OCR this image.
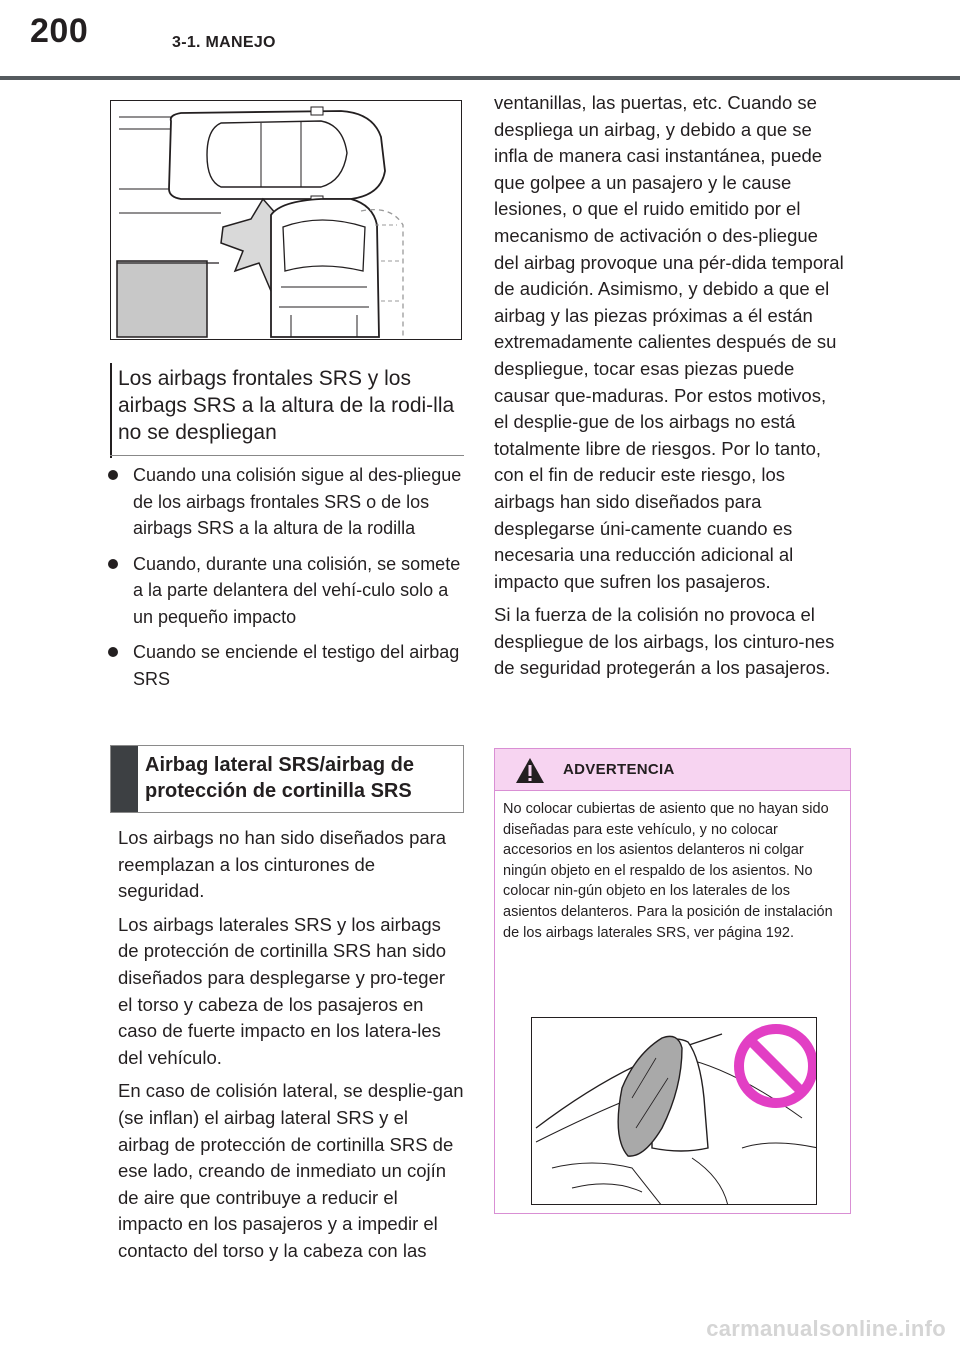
200	3-1. MANEJO
Los airbags frontales SRS y los airbags SRS a la altura de la rodi-lla no se despliegan
Cuando una colisión sigue al des-pliegue de los airbags frontales SRS o de los airbags SRS a la altura de la rodilla
Cuando, durante una colisión, se somete a la parte delantera del vehí-culo solo a un pequeño impacto
Cuando se enciende el testigo del airbag SRS
Airbag lateral SRS/airbag de protección de cortinilla SRS

Los airbags no han sido diseñados para reemplazan a los cinturones de seguridad.

Los airbags laterales SRS y los airbags de protección de cortinilla SRS han sido diseñados para desplegarse y pro-teger el torso y cabeza de los pasajeros en caso de fuerte impacto en los latera-les del vehículo.

En caso de colisión lateral, se desplie-gan (se inflan) el airbag lateral SRS y el airbag de protección de cortinilla SRS de ese lado, creando de inmediato un cojín de aire que contribuye a reducir el impacto en los pasajeros y a impedir el contacto del torso y la cabeza con las

ventanillas, las puertas, etc. Cuando se despliega un airbag, y debido a que se infla de manera casi instantánea, puede que golpee a un pasajero y le cause lesiones, o que el ruido emitido por el mecanismo de activación o des-pliegue del airbag provoque una pér-dida temporal de audición. Asimismo, y debido a que el airbag y las piezas próximas a él están extremadamente calientes después de su despliegue, tocar esas piezas puede causar que-maduras. Por estos motivos, el desplie-gue de los airbags no está totalmente libre de riesgos. Por lo tanto, con el fin de reducir este riesgo, los airbags han sido diseñados para desplegarse úni-camente cuando es necesaria una reducción adicional al impacto que sufren los pasajeros.

Si la fuerza de la colisión no provoca el despliegue de los airbags, los cinturo-nes de seguridad protegerán a los pasajeros.

ADVERTENCIA
No colocar cubiertas de asiento que no hayan sido diseñadas para este vehículo, y no colocar accesorios en los asientos delanteros ni colgar ningún objeto en el respaldo de los asientos. No colocar nin-gún objeto en los laterales de los asientos delanteros. Para la posición de instalación de los airbags laterales SRS, ver página 192.
carmanualsonline.info
